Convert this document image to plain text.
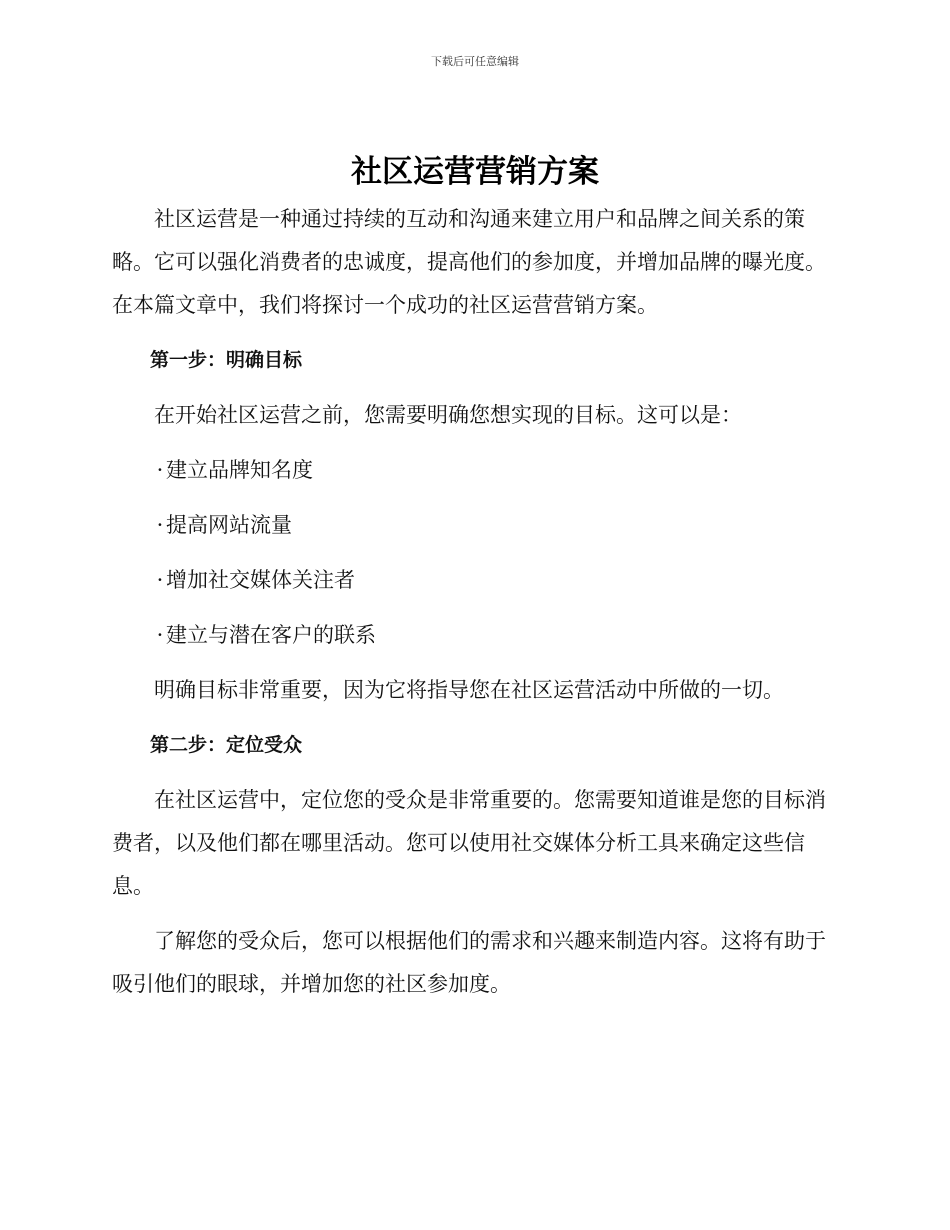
下载后可任意编辑
社区运营营销方案

社区运营是一种通过持续的互动和沟通来建立用户和品牌之间关系的策略。它可以强化消费者的忠诚度，提高他们的参加度，并增加品牌的曝光度。在本篇文章中，我们将探讨一个成功的社区运营营销方案。

第一步：明确目标

在开始社区运营之前，您需要明确您想实现的目标。这可以是：

· 建立品牌知名度

· 提高网站流量

· 增加社交媒体关注者

· 建立与潜在客户的联系

明确目标非常重要，因为它将指导您在社区运营活动中所做的一切。

第二步：定位受众

在社区运营中，定位您的受众是非常重要的。您需要知道谁是您的目标消费者，以及他们都在哪里活动。您可以使用社交媒体分析工具来确定这些信息。

了解您的受众后，您可以根据他们的需求和兴趣来制造内容。这将有助于吸引他们的眼球，并增加您的社区参加度。
